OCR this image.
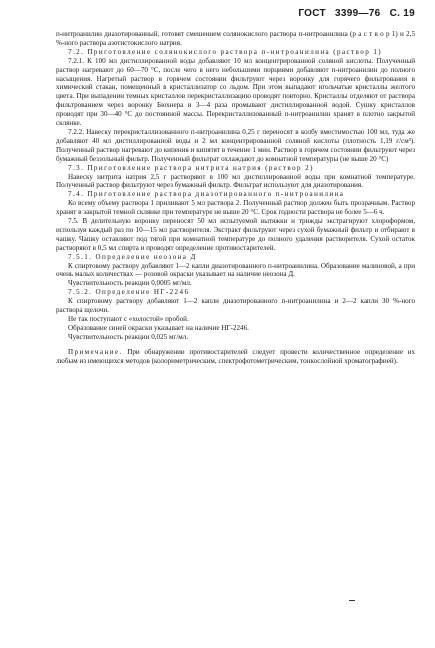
ГОСТ 3399—76 С. 19

п-нитроанилин диазотированный, готовят смешением солянокислого раствора п-нитроанилина (р а с т в о р 1) и 2,5 %-ного раствора азотистокислого натрия.

7.2. Приготовление солянокислого раствора п-нитроанилина (раствор 1)

7.2.1. К 100 мл дистиллированной воды добавляют 10 мл концентрированной соляной кислоты. Полученный раствор нагревают до 60—70 °С, после чего в него небольшими порциями добавляют п-нитроанилин до полного насыщения. Нагретый раствор в горячем состоянии фильтруют через воронку для горячего фильтрования в химический стакан, помещенный в кристаллизатор со льдом. При этом выпадают игольчатые кристаллы желтого цвета. При выпадении темных кристаллов перекристаллизацию проводят повторно. Кристаллы отделяют от раствора фильтрованием через воронку Бюхнера и 3—4 раза промывают дистиллированной водой. Сушку кристаллов проводят при 30—40 °С до постоянной массы. Перекристаллизованный п-нитроанилин хранят в плотно закрытой склянке.

7.2.2. Навеску перекристаллизованного п-нитроанилина 0,25 г переносят в колбу вместимостью 100 мл, туда же добавляют 40 мл дистиллированной воды и 2 мл концентрированной соляной кислоты (плотность 1,19 г/см³). Полученный раствор нагревают до кипения и кипятят в течение 1 мин. Раствор в горячем состоянии фильтруют через бумажный беззольный фильтр. Полученный фильтрат охлаждают до комнатной температуры (не выше 20 °С)

7.3. Приготовление раствора нитрита натрия (раствор 2)

Навеску нитрита натрия 2,5 г растворяют в 100 мл дистиллированной воды при комнатной температуре. Полученный раствор фильтруют через бумажный фильтр. Фильтрат используют для диазотирования.

7.4. Приготовление раствора диазотированного п-нитроанилина

Ко всему объему раствора 1 приливают 5 мл раствора 2. Полученный раствор должен быть прозрачным. Раствор хранят в закрытой темной склянке при температуре не выше 20 °С. Срок годности раствора не более 5—6 ч.

7.5. В делительную воронку переносят 50 мл испытуемой вытяжки и трижды экстрагируют хлороформом, используя каждый раз по 10—15 мл растворителя. Экстракт фильтруют через сухой бумажный фильтр и отбирают в чашку. Чашку оставляют под тягой при комнатной температуре до полного удаления растворителя. Сухой остаток растворяют в 0,5 мл спирта и проводят определение противостарителей.

7.5.1. Определение неозона Д

К спиртовому раствору добавляют 1—2 капли диазотированного п-нитроанилина. Образование малиновой, а при очень малых количествах — розовой окраски указывает на наличие неозона Д.

Чувствительность реакции 0,0005 мг/мл.

7.5.2. Определение НГ-2246

К спиртовому раствору добавляют 1—2 капли диазотированного п-нитроанилина и 2—2 капли 30 %-ного раствора щелочи.

Не так поступают с «холостой» пробой.

Образование синей окраски указывает на наличие НГ-2246.

Чувствительность реакции 0,025 мг/мл.

Примечание. При обнаружении противостарителей следует провести количественное определение их любым из имеющихся методов (колориметрическим, спектрофотометрическим, тонкослойной хроматографией).
